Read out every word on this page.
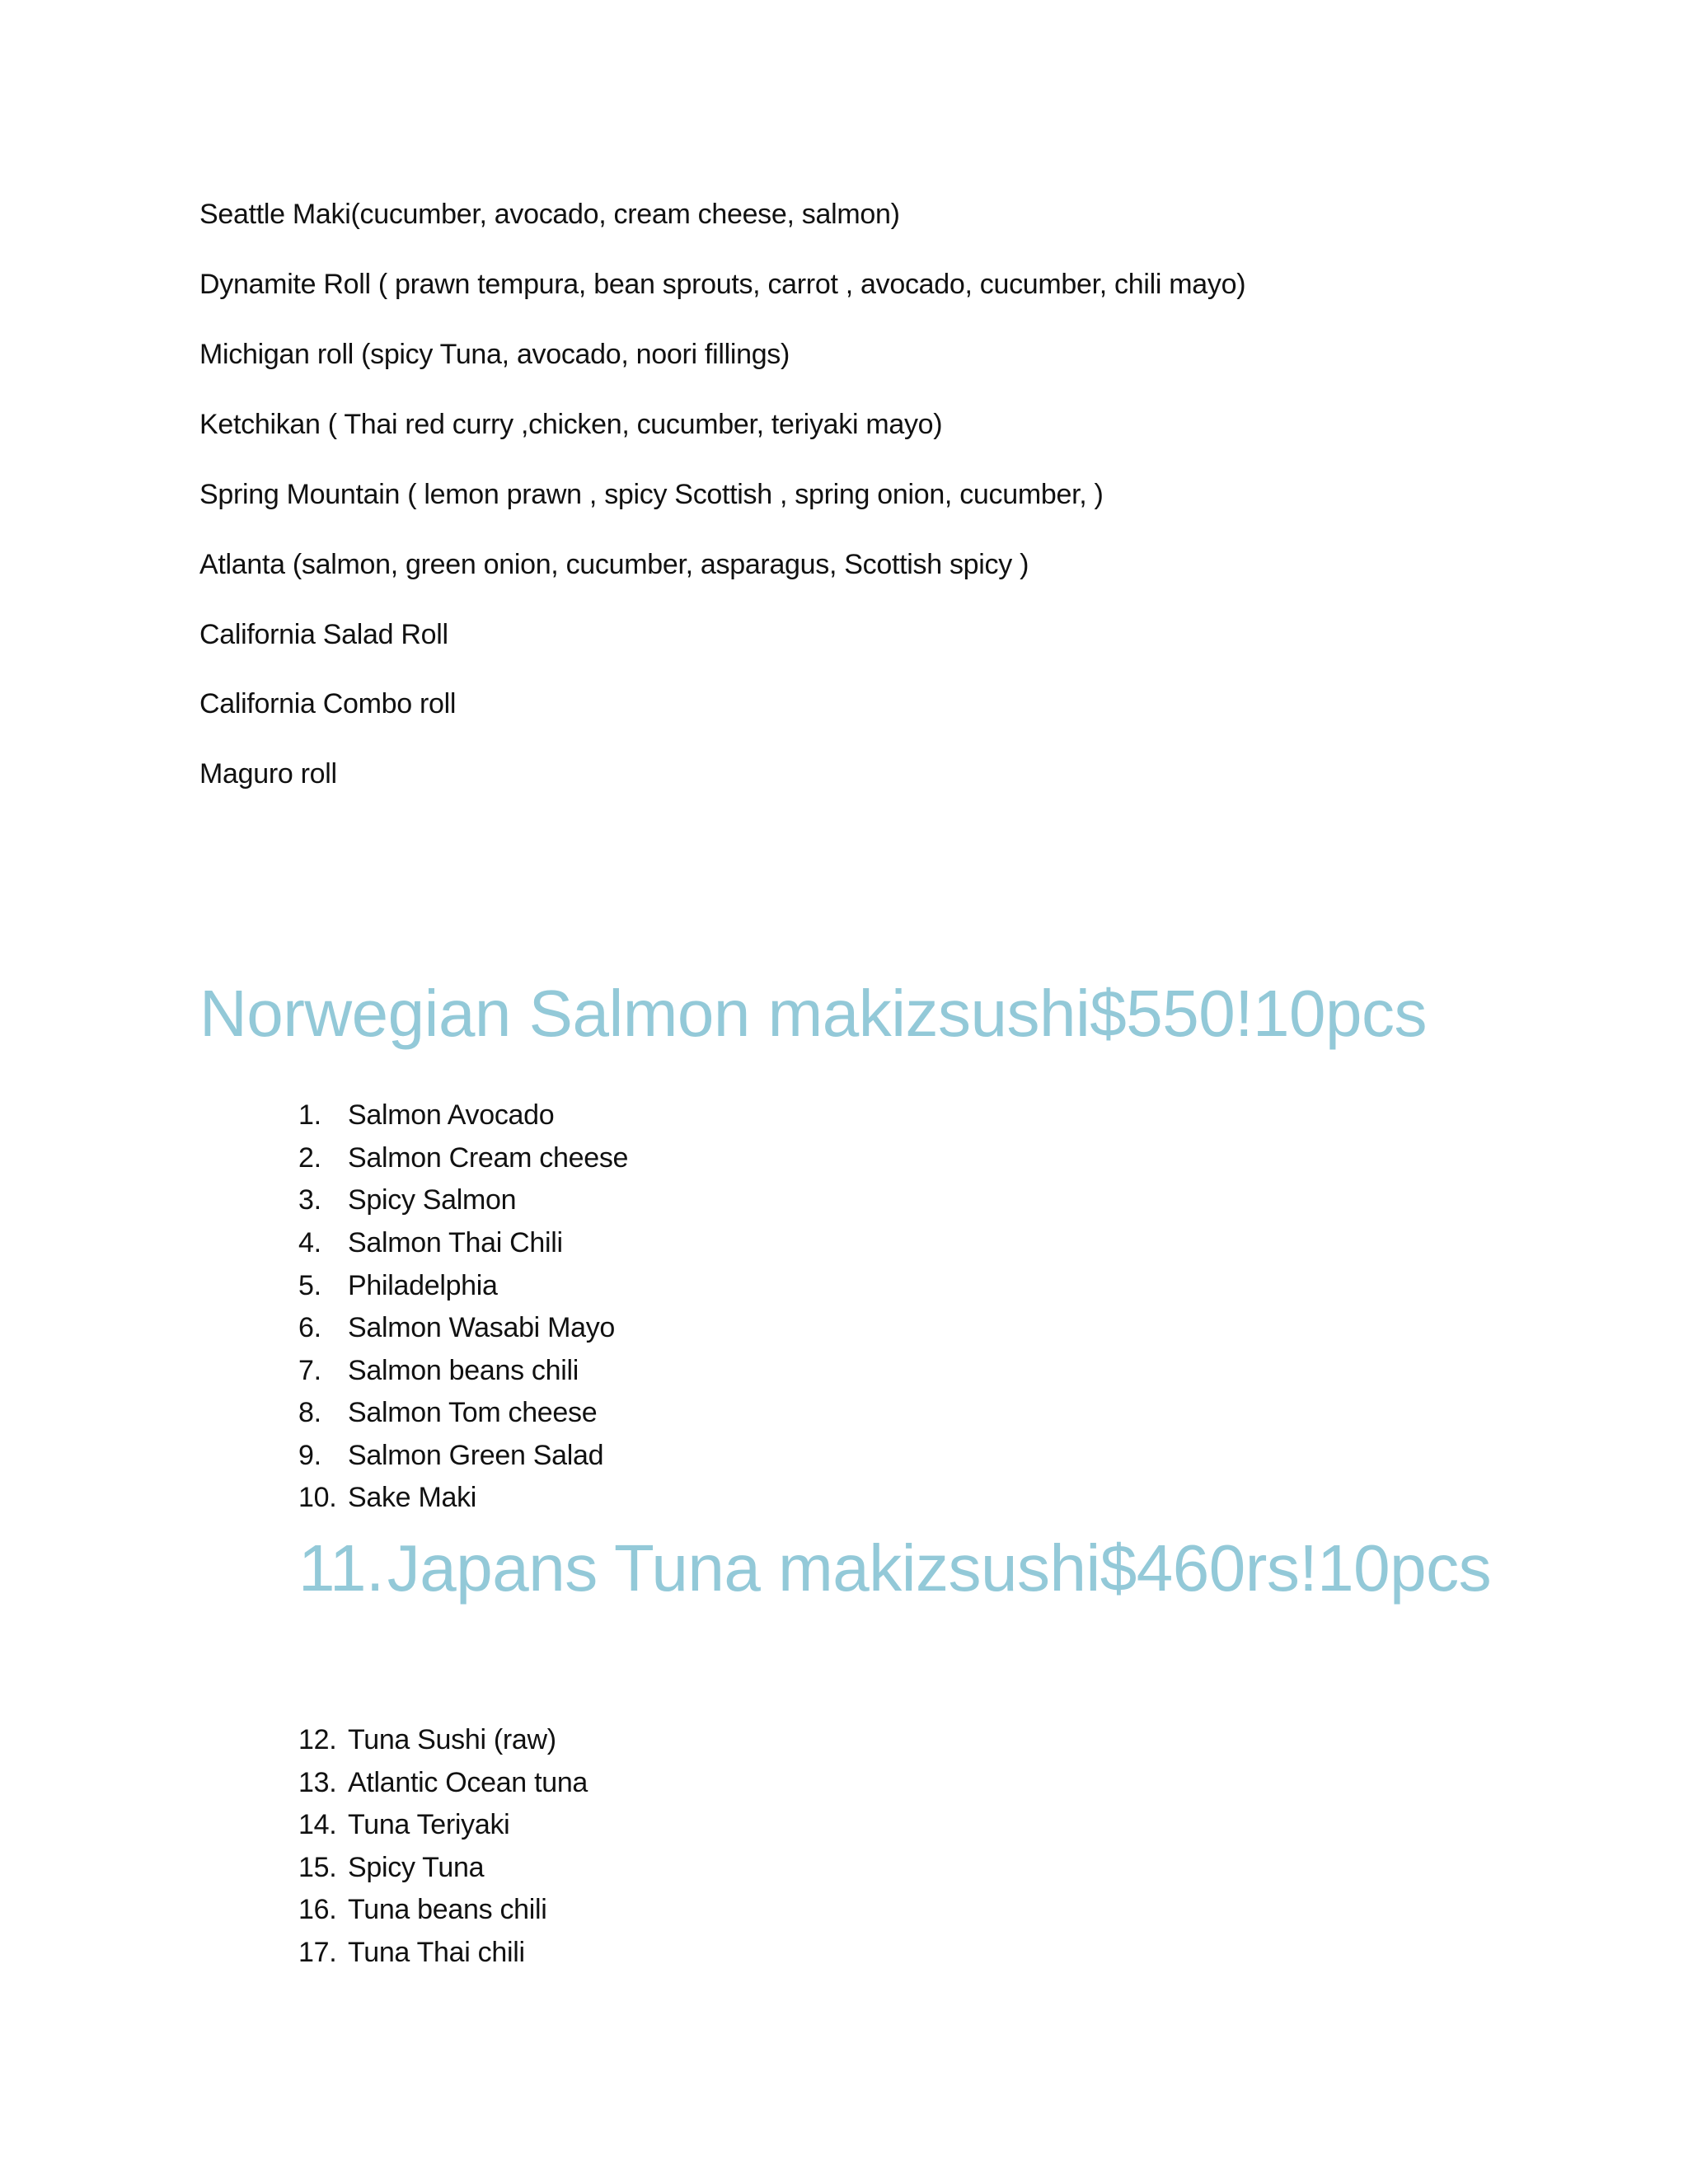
Seattle Maki(cucumber, avocado, cream cheese, salmon)
Dynamite Roll ( prawn tempura, bean sprouts, carrot , avocado, cucumber, chili mayo)
Michigan roll (spicy Tuna, avocado, noori fillings)
Ketchikan ( Thai red curry ,chicken, cucumber, teriyaki mayo)
Spring Mountain ( lemon prawn , spicy Scottish , spring onion, cucumber, )
Atlanta (salmon, green onion, cucumber, asparagus, Scottish spicy )
California Salad Roll
California Combo roll
Maguro roll
Norwegian Salmon makizsushi$550!10pcs
1. Salmon Avocado
2. Salmon Cream cheese
3. Spicy Salmon
4. Salmon Thai Chili
5. Philadelphia
6. Salmon Wasabi Mayo
7. Salmon beans chili
8. Salmon Tom cheese
9. Salmon Green Salad
10. Sake Maki
11.Japans Tuna makizsushi$460rs!10pcs
12. Tuna Sushi (raw)
13. Atlantic Ocean tuna
14. Tuna Teriyaki
15. Spicy Tuna
16. Tuna beans chili
17. Tuna Thai chili
